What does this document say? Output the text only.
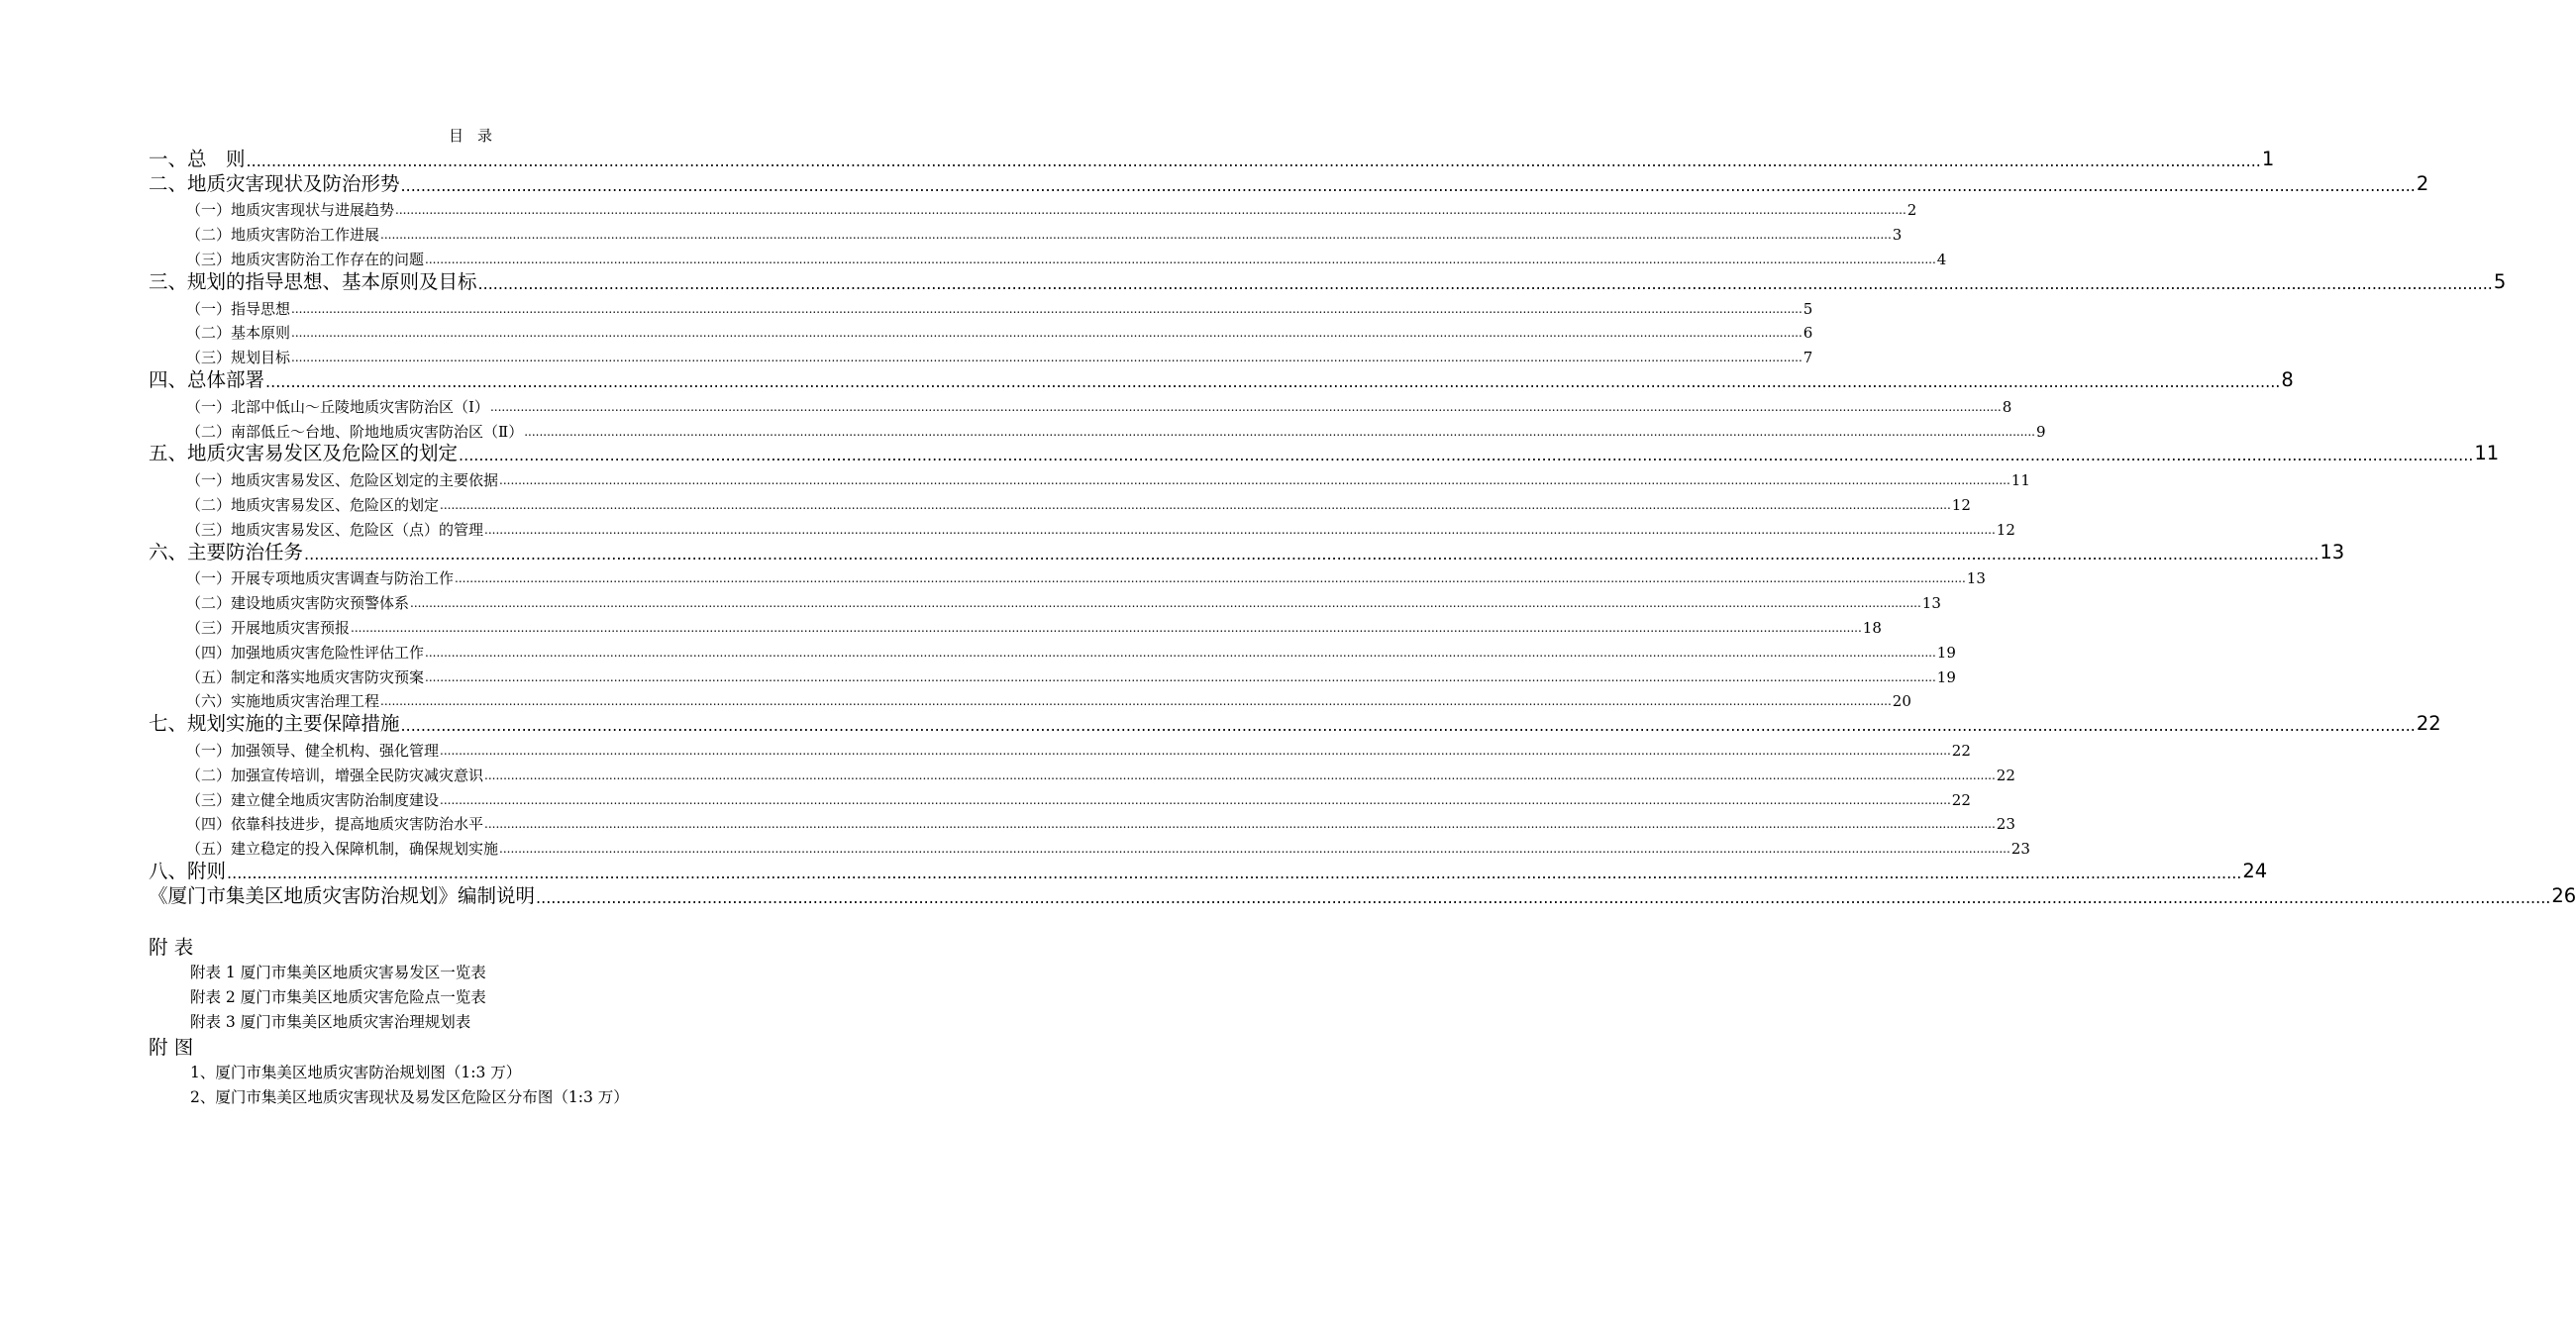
目录
一、总　则 ................................................................................................................................................................................................................................................................................................................................................................................................................ 1
二、地质灾害现状及防治形势 ................................................................................................................................................................................................................................................................................................................................................................................................................ 2
（一）地质灾害现状与进展趋势 ................................................................................................................................................................................................................................................................................................................................................................................................................ 2
（二）地质灾害防治工作进展 ................................................................................................................................................................................................................................................................................................................................................................................................................ 3
（三）地质灾害防治工作存在的问题 ................................................................................................................................................................................................................................................................................................................................................................................................................ 4
三、规划的指导思想、基本原则及目标 ................................................................................................................................................................................................................................................................................................................................................................................................................ 5
（一）指导思想 ................................................................................................................................................................................................................................................................................................................................................................................................................ 5
（二）基本原则 ................................................................................................................................................................................................................................................................................................................................................................................................................ 6
（三）规划目标 ................................................................................................................................................................................................................................................................................................................................................................................................................ 7
四、总体部署 ................................................................................................................................................................................................................................................................................................................................................................................................................ 8
（一）北部中低山～丘陵地质灾害防治区（Ⅰ） ................................................................................................................................................................................................................................................................................................................................................................................................................ 8
（二）南部低丘～台地、阶地地质灾害防治区（Ⅱ） ................................................................................................................................................................................................................................................................................................................................................................................................................ 9
五、地质灾害易发区及危险区的划定 ................................................................................................................................................................................................................................................................................................................................................................................................................ 11
（一）地质灾害易发区、危险区划定的主要依据 ................................................................................................................................................................................................................................................................................................................................................................................................................ 11
（二）地质灾害易发区、危险区的划定 ................................................................................................................................................................................................................................................................................................................................................................................................................ 12
（三）地质灾害易发区、危险区（点）的管理 ................................................................................................................................................................................................................................................................................................................................................................................................................ 12
六、主要防治任务 ................................................................................................................................................................................................................................................................................................................................................................................................................ 13
（一）开展专项地质灾害调查与防治工作 ................................................................................................................................................................................................................................................................................................................................................................................................................ 13
（二）建设地质灾害防灾预警体系 ................................................................................................................................................................................................................................................................................................................................................................................................................ 13
（三）开展地质灾害预报 ................................................................................................................................................................................................................................................................................................................................................................................................................ 18
（四）加强地质灾害危险性评估工作 ................................................................................................................................................................................................................................................................................................................................................................................................................ 19
（五）制定和落实地质灾害防灾预案 ................................................................................................................................................................................................................................................................................................................................................................................................................ 19
（六）实施地质灾害治理工程 ................................................................................................................................................................................................................................................................................................................................................................................................................ 20
七、规划实施的主要保障措施 ................................................................................................................................................................................................................................................................................................................................................................................................................ 22
（一）加强领导、健全机构、强化管理 ................................................................................................................................................................................................................................................................................................................................................................................................................ 22
（二）加强宣传培训，增强全民防灾减灾意识 ................................................................................................................................................................................................................................................................................................................................................................................................................ 22
（三）建立健全地质灾害防治制度建设 ................................................................................................................................................................................................................................................................................................................................................................................................................ 22
（四）依靠科技进步，提高地质灾害防治水平 ................................................................................................................................................................................................................................................................................................................................................................................................................ 23
（五）建立稳定的投入保障机制，确保规划实施 ................................................................................................................................................................................................................................................................................................................................................................................................................ 23
八、附则 ................................................................................................................................................................................................................................................................................................................................................................................................................ 24
《厦门市集美区地质灾害防治规划》编制说明 ................................................................................................................................................................................................................................................................................................................................................................................................................ 26
附 表
附表 1 厦门市集美区地质灾害易发区一览表
附表 2 厦门市集美区地质灾害危险点一览表
附表 3 厦门市集美区地质灾害治理规划表
附 图
1、厦门市集美区地质灾害防治规划图（1:3 万）
2、厦门市集美区地质灾害现状及易发区危险区分布图（1:3 万）
